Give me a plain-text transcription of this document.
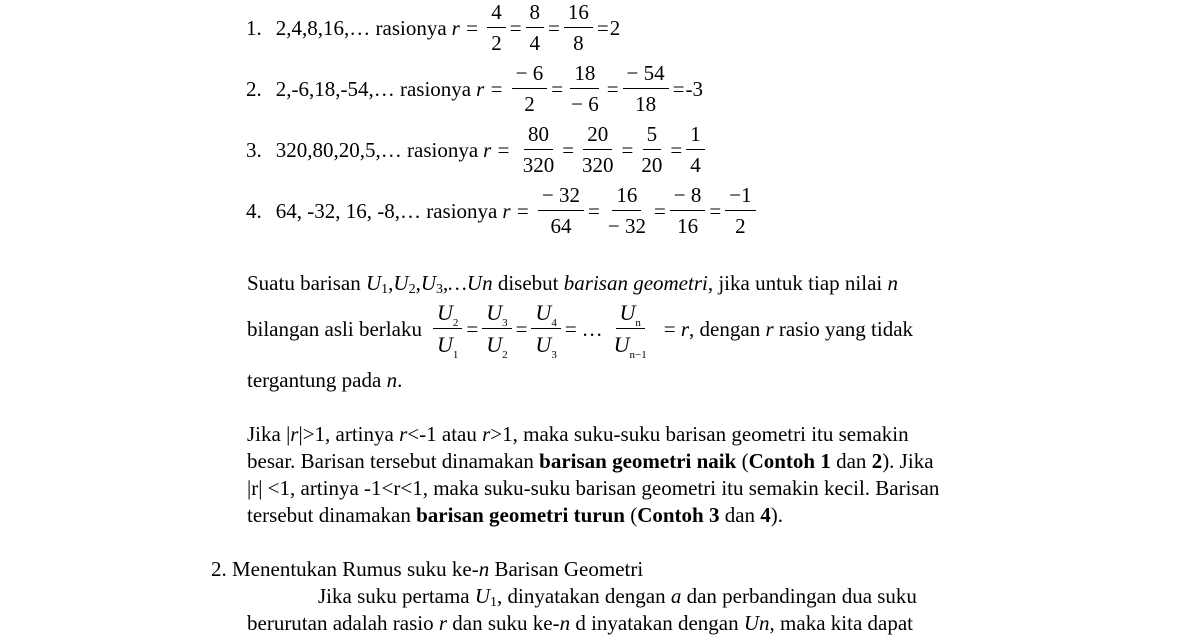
1. 2,4,8,16,… rasionya $r = \frac{4}{2} = \frac{8}{4} = \frac{16}{8} = 2$
2. 2,-6,18,-54,… rasionya $r = \frac{- 6}{2} = \frac{18}{- 6} = \frac{- 54}{18} = -3$
3. 320,80,20,5,… rasionya $r = \frac{80}{320} = \frac{20}{320} = \frac{5}{20} = \frac{1}{4}$
4. 64, -32, 16, -8,… rasionya $r = \frac{- 32}{64} = \frac{16}{- 32} = \frac{- 8}{16} = \frac{-1}{2}$
Suatu barisan $U_1,U_2,U_3,\dots Un$ disebut barisan geometri, jika untuk tiap nilai n
bilangan asli berlaku $\frac{U_2}{U_1} = \frac{U_3}{U_2} = \frac{U_4}{U_3}$ = … $\frac{U_n}{U_{n-1}} = r$ , dengan r rasio yang tidak
tergantung pada n.
Jika |r|>1, artinya r<-1 atau r>1, maka suku-suku barisan geometri itu semakin
besar. Barisan tersebut dinamakan barisan geometri naik (Contoh 1 dan 2). Jika
|r| <1, artinya -1<r<1, maka suku-suku barisan geometri itu semakin kecil. Barisan
tersebut dinamakan barisan geometri turun (Contoh 3 dan 4).
2. Menentukan Rumus suku ke-n Barisan Geometri
Jika suku pertama $U_1$, dinyatakan dengan a dan perbandingan dua suku
berurutan adalah rasio r dan suku ke-n d inyatakan dengan Un, maka kita dapat
